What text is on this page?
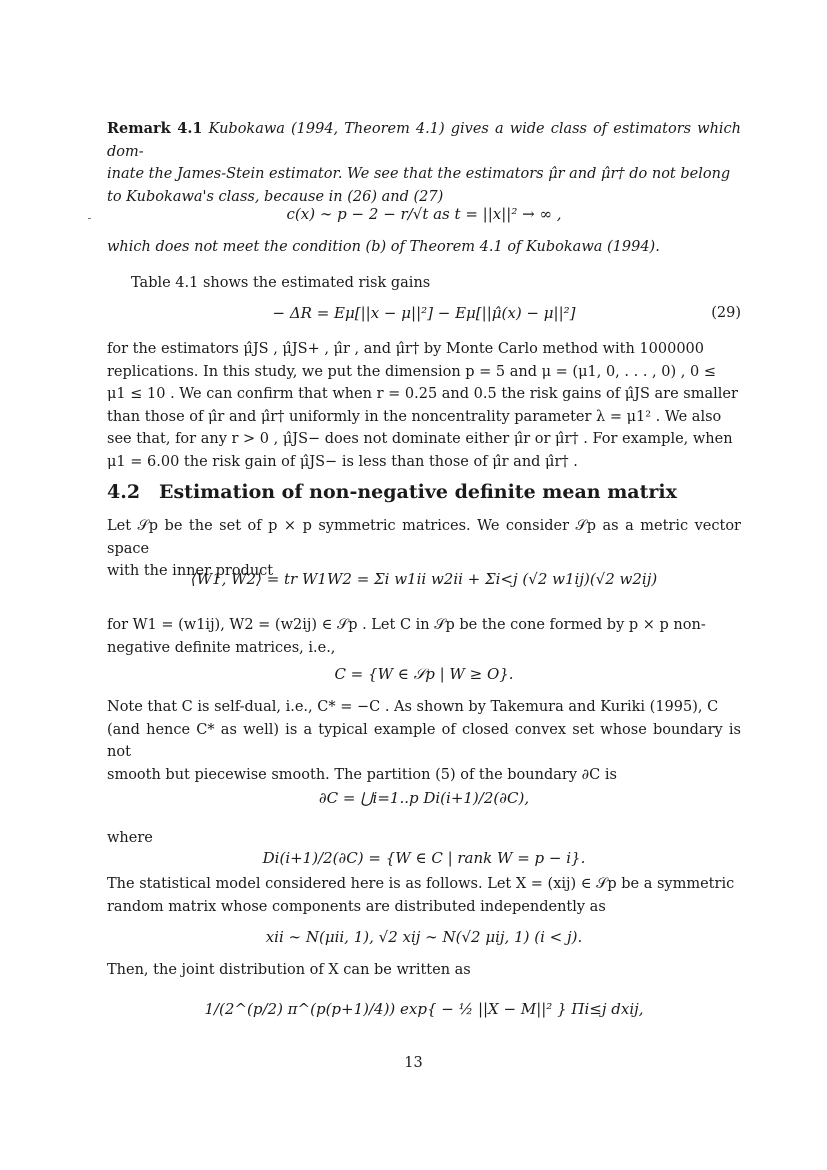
Remark 4.1 Kubokawa (1994, Theorem 4.1) gives a wide class of estimators which dom-
inate the James-Stein estimator. We see that the estimators μ̂r and μ̂r† do not belong
to Kubokawa's class, because in (26) and (27)
c(x) ∼ p − 2 − r/√t as t = ||x||² → ∞ ,
which does not meet the condition (b) of Theorem 4.1 of Kubokawa (1994).
Table 4.1 shows the estimated risk gains
− ΔR = Eμ[||x − μ||²] − Eμ[||μ̂(x) − μ||²]	(29)
for the estimators μ̂JS , μ̂JS+ , μ̂r , and μ̂r† by Monte Carlo method with 1000000
replications. In this study, we put the dimension p = 5 and μ = (μ1, 0, . . . , 0) , 0 ≤
μ1 ≤ 10 . We can confirm that when r = 0.25 and 0.5 the risk gains of μ̂JS are smaller
than those of μ̂r and μ̂r† uniformly in the noncentrality parameter λ = μ1² . We also
see that, for any r > 0 , μ̂JS− does not dominate either μ̂r or μ̂r† . For example, when
μ1 = 6.00 the risk gain of μ̂JS− is less than those of μ̂r and μ̂r† .
4.2 Estimation of non-negative definite mean matrix
Let 𝒮p be the set of p × p symmetric matrices. We consider 𝒮p as a metric vector space
with the inner product
⟨W1, W2⟩ = tr W1W2 = Σi w1ii w2ii + Σi<j (√2 w1ij)(√2 w2ij)
for W1 = (w1ij), W2 = (w2ij) ∈ 𝒮p . Let C in 𝒮p be the cone formed by p × p non-
negative definite matrices, i.e.,
C = {W ∈ 𝒮p | W ≥ O}.
Note that C is self-dual, i.e., C* = −C . As shown by Takemura and Kuriki (1995), C
(and hence C* as well) is a typical example of closed convex set whose boundary is not
smooth but piecewise smooth. The partition (5) of the boundary ∂C is
∂C = ⋃i=1..p Di(i+1)/2(∂C),
where
Di(i+1)/2(∂C) = {W ∈ C | rank W = p − i}.
The statistical model considered here is as follows. Let X = (xij) ∈ 𝒮p be a symmetric
random matrix whose components are distributed independently as
xii ∼ N(μii, 1), √2 xij ∼ N(√2 μij, 1) (i < j).
Then, the joint distribution of X can be written as
1/(2^(p/2) π^(p(p+1)/4)) exp{ − ½ ||X − M||² } Πi≤j dxij,
13
